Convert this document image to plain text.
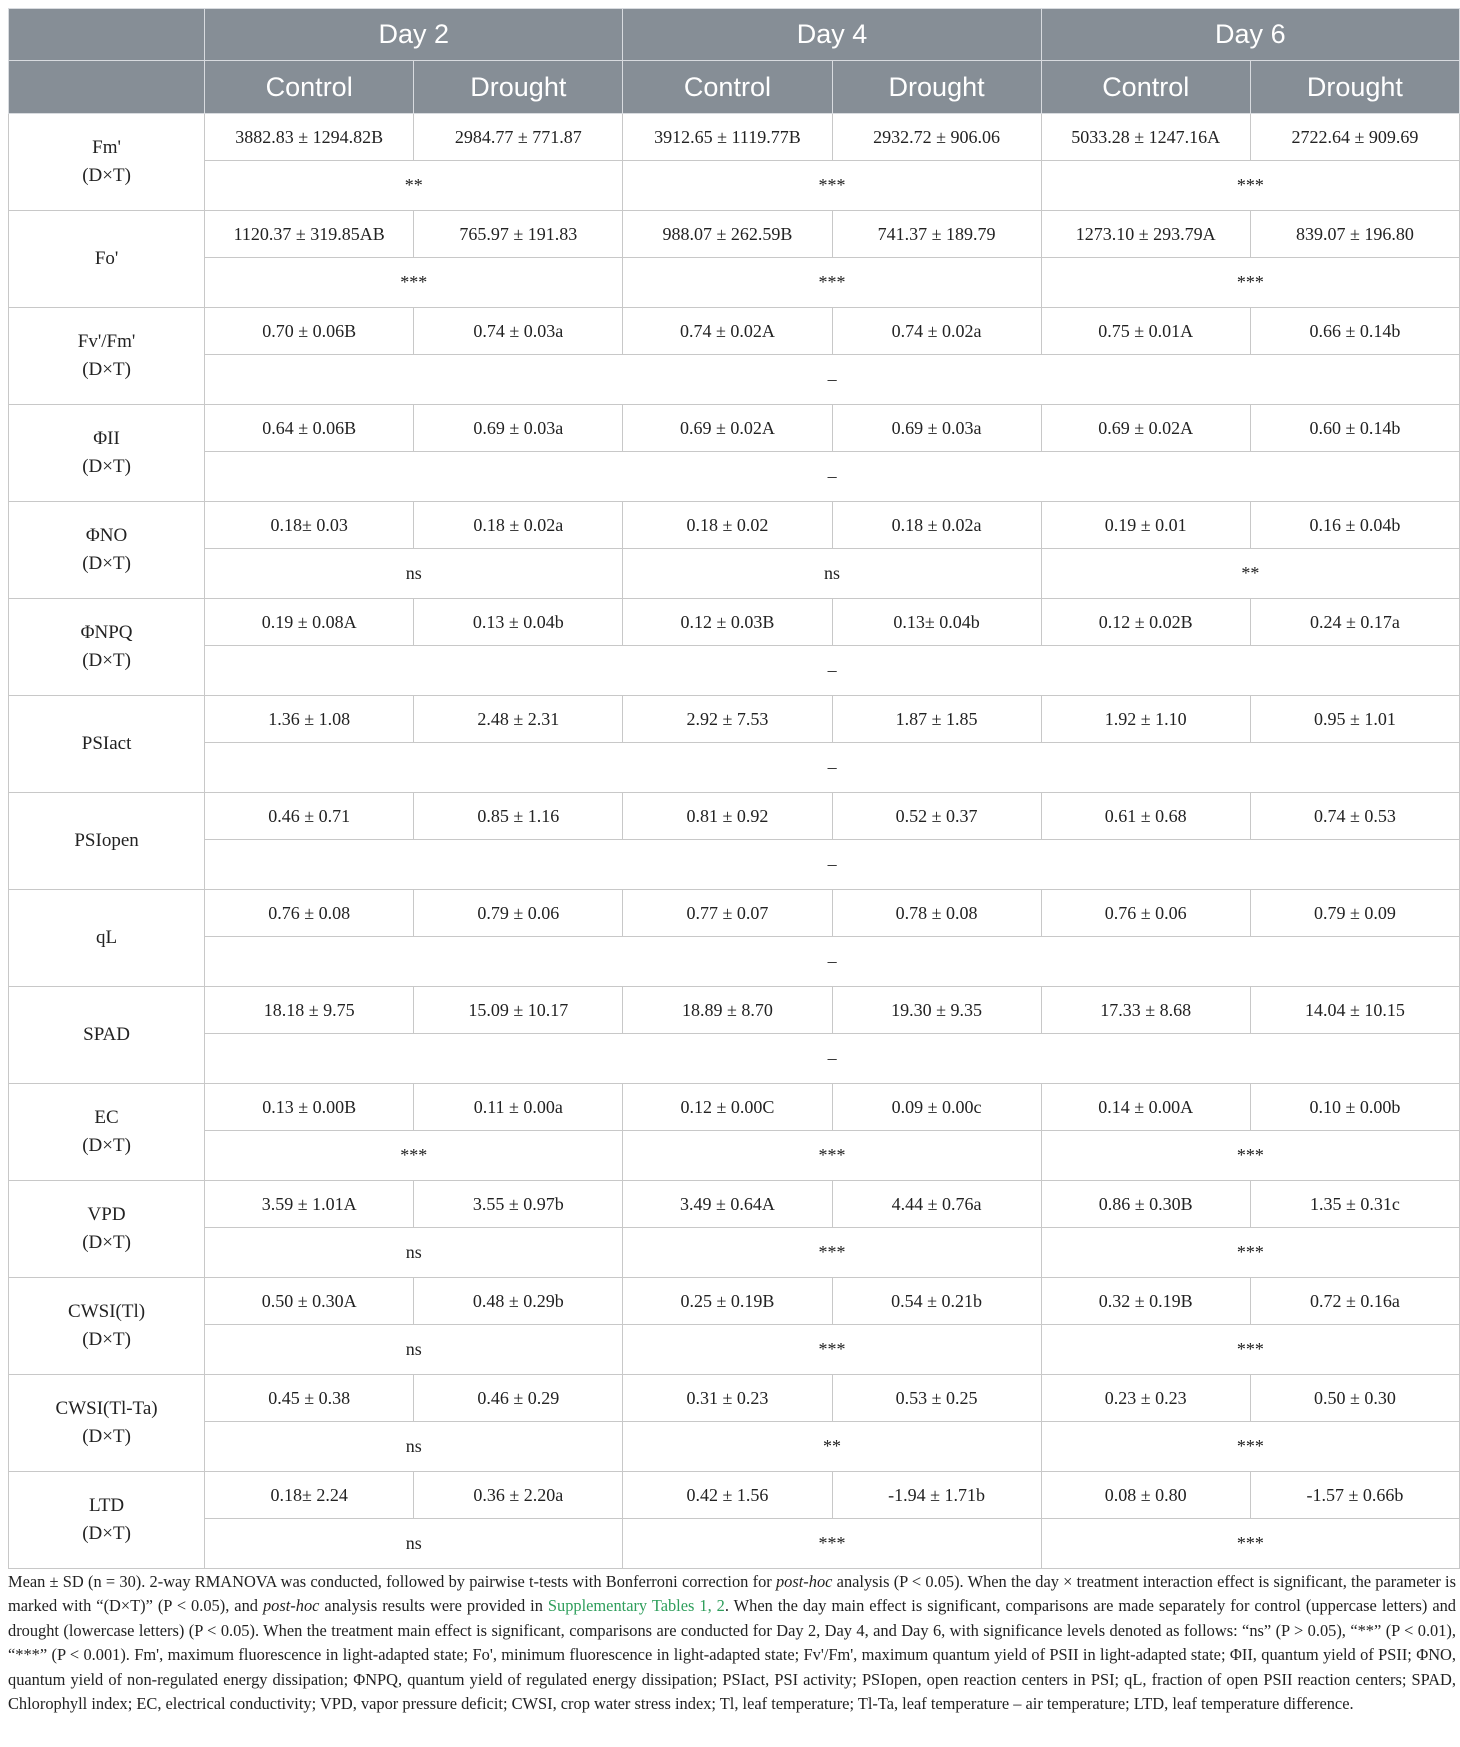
	Day 2		Day 4		Day 6	
	Control	Drought	Control	Drought	Control	Drought

Fm'
(D×T)	3882.83 ± 1294.82B	2984.77 ± 771.87	3912.65 ± 1119.77B	2932.72 ± 906.06	5033.28 ± 1247.16A	2722.64 ± 909.69
	**		***		***	

Fo'	1120.37 ± 319.85AB	765.97 ± 191.83	988.07 ± 262.59B	741.37 ± 189.79	1273.10 ± 293.79A	839.07 ± 196.80
	***		***		***	

Fv'/Fm'
(D×T)	0.70 ± 0.06B	0.74 ± 0.03a	0.74 ± 0.02A	0.74 ± 0.02a	0.75 ± 0.01A	0.66 ± 0.14b
	–					

ΦII
(D×T)	0.64 ± 0.06B	0.69 ± 0.03a	0.69 ± 0.02A	0.69 ± 0.03a	0.69 ± 0.02A	0.60 ± 0.14b
	–					

ΦNO
(D×T)	0.18± 0.03	0.18 ± 0.02a	0.18 ± 0.02	0.18 ± 0.02a	0.19 ± 0.01	0.16 ± 0.04b
	ns		ns		**	

ΦNPQ
(D×T)	0.19 ± 0.08A	0.13 ± 0.04b	0.12 ± 0.03B	0.13± 0.04b	0.12 ± 0.02B	0.24 ± 0.17a
	–					

PSIact	1.36 ± 1.08	2.48 ± 2.31	2.92 ± 7.53	1.87 ± 1.85	1.92 ± 1.10	0.95 ± 1.01
	–					

PSIopen	0.46 ± 0.71	0.85 ± 1.16	0.81 ± 0.92	0.52 ± 0.37	0.61 ± 0.68	0.74 ± 0.53
	–					

qL	0.76 ± 0.08	0.79 ± 0.06	0.77 ± 0.07	0.78 ± 0.08	0.76 ± 0.06	0.79 ± 0.09
	–					

SPAD	18.18 ± 9.75	15.09 ± 10.17	18.89 ± 8.70	19.30 ± 9.35	17.33 ± 8.68	14.04 ± 10.15
	–					

EC
(D×T)	0.13 ± 0.00B	0.11 ± 0.00a	0.12 ± 0.00C	0.09 ± 0.00c	0.14 ± 0.00A	0.10 ± 0.00b
	***		***		***	

VPD
(D×T)	3.59 ± 1.01A	3.55 ± 0.97b	3.49 ± 0.64A	4.44 ± 0.76a	0.86 ± 0.30B	1.35 ± 0.31c
	ns		***		***	

CWSI(Tl)
(D×T)	0.50 ± 0.30A	0.48 ± 0.29b	0.25 ± 0.19B	0.54 ± 0.21b	0.32 ± 0.19B	0.72 ± 0.16a
	ns		***		***	

CWSI(Tl-Ta)
(D×T)	0.45 ± 0.38	0.46 ± 0.29	0.31 ± 0.23	0.53 ± 0.25	0.23 ± 0.23	0.50 ± 0.30
	ns		**		***	

LTD
(D×T)	0.18± 2.24	0.36 ± 2.20a	0.42 ± 1.56	-1.94 ± 1.71b	0.08 ± 0.80	-1.57 ± 0.66b
	ns		***		***	
Mean ± SD (n = 30). 2-way RMANOVA was conducted, followed by pairwise t-tests with Bonferroni correction for post-hoc analysis (P < 0.05). When the day × treatment interaction effect is significant, the parameter is marked with “(D×T)” (P < 0.05), and post-hoc analysis results were provided in Supplementary Tables 1, 2. When the day main effect is significant, comparisons are made separately for control (uppercase letters) and drought (lowercase letters) (P < 0.05). When the treatment main effect is significant, comparisons are conducted for Day 2, Day 4, and Day 6, with significance levels denoted as follows: “ns” (P > 0.05), “**” (P < 0.01), “***” (P < 0.001). Fm', maximum fluorescence in light-adapted state; Fo', minimum fluorescence in light-adapted state; Fv'/Fm', maximum quantum yield of PSII in light-adapted state; ΦII, quantum yield of PSII; ΦNO, quantum yield of non-regulated energy dissipation; ΦNPQ, quantum yield of regulated energy dissipation; PSIact, PSI activity; PSIopen, open reaction centers in PSI; qL, fraction of open PSII reaction centers; SPAD, Chlorophyll index; EC, electrical conductivity; VPD, vapor pressure deficit; CWSI, crop water stress index; Tl, leaf temperature; Tl-Ta, leaf temperature – air temperature; LTD, leaf temperature difference.
